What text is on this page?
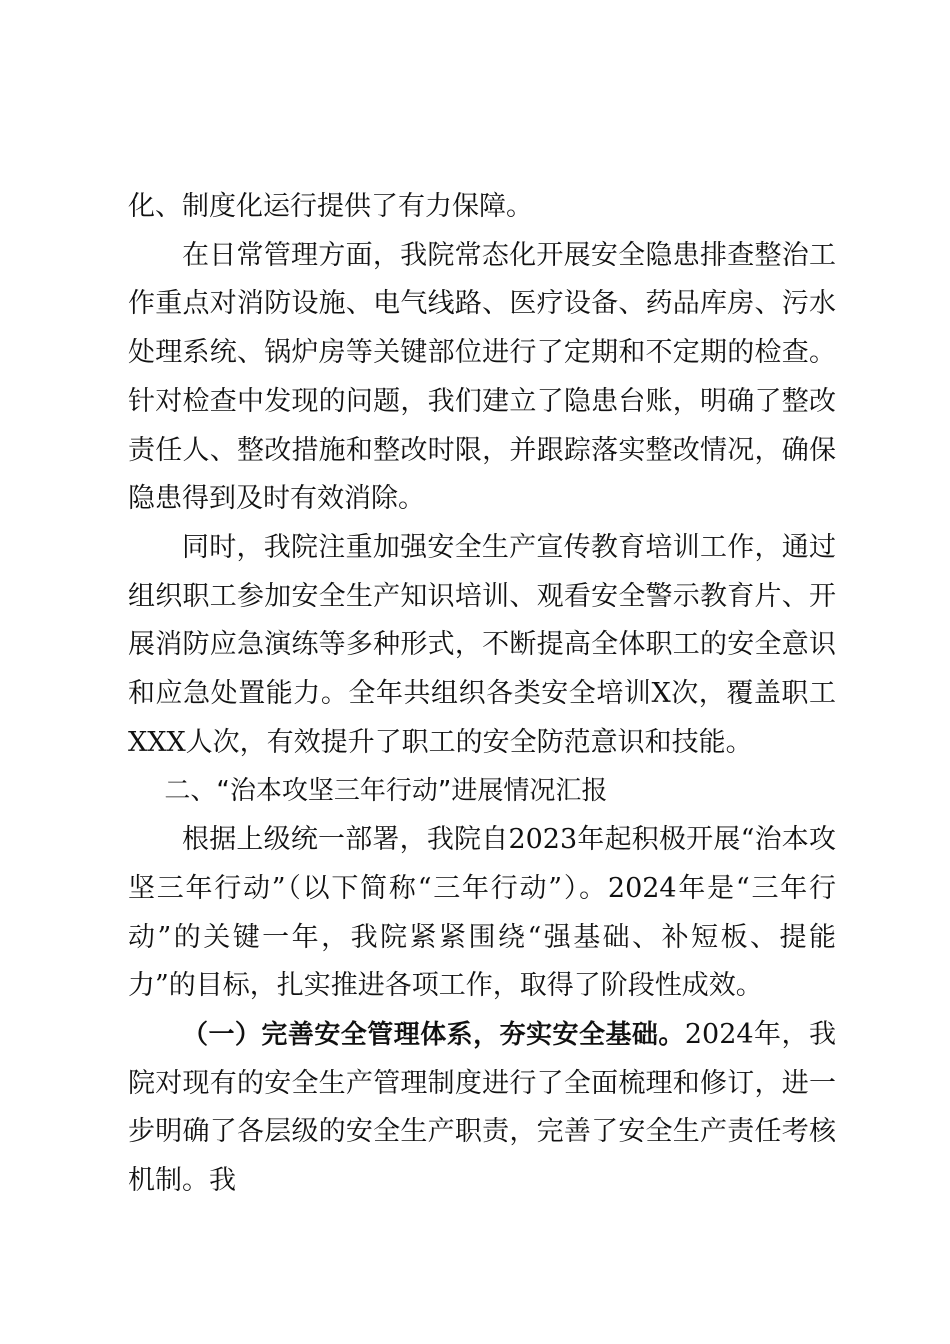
化、制度化运行提供了有力保障。

在日常管理方面，我院常态化开展安全隐患排查整治工作重点对消防设施、电气线路、医疗设备、药品库房、污水处理系统、锅炉房等关键部位进行了定期和不定期的检查。针对检查中发现的问题，我们建立了隐患台账，明确了整改责任人、整改措施和整改时限，并跟踪落实整改情况，确保隐患得到及时有效消除。

同时，我院注重加强安全生产宣传教育培训工作，通过组织职工参加安全生产知识培训、观看安全警示教育片、开展消防应急演练等多种形式，不断提高全体职工的安全意识和应急处置能力。全年共组织各类安全培训X次，覆盖职工XXX人次，有效提升了职工的安全防范意识和技能。

二、“治本攻坚三年行动”进展情况汇报

根据上级统一部署，我院自2023年起积极开展“治本攻坚三年行动”（以下简称“三年行动”）。2024年是“三年行动”的关键一年，我院紧紧围绕“强基础、补短板、提能力”的目标，扎实推进各项工作，取得了阶段性成效。

（一）完善安全管理体系，夯实安全基础。2024年，我院对现有的安全生产管理制度进行了全面梳理和修订，进一步明确了各层级的安全生产职责，完善了安全生产责任考核机制。我
